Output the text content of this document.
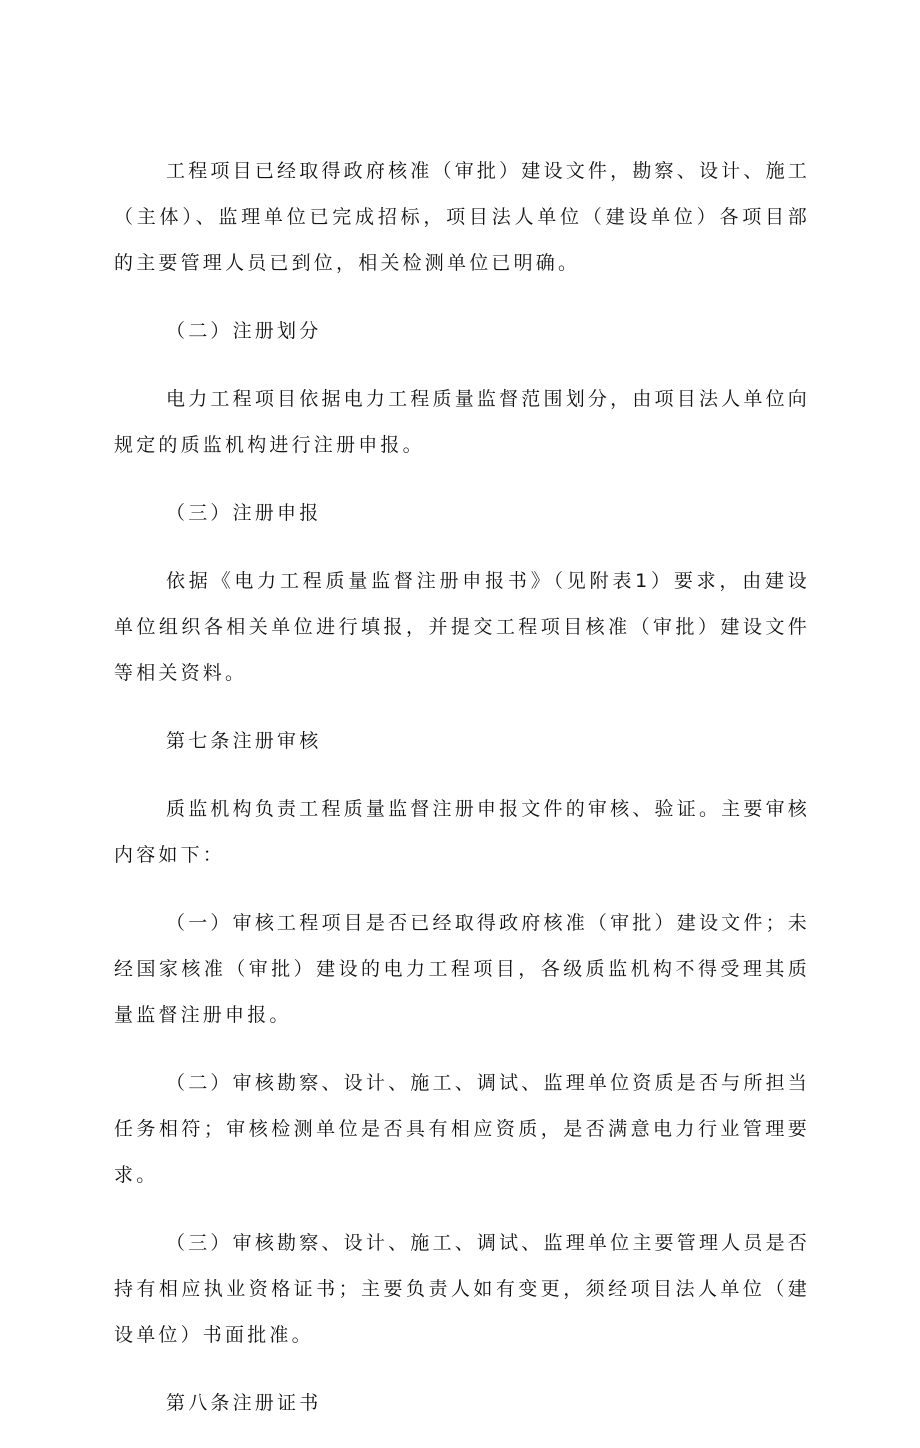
工程项目已经取得政府核准（审批）建设文件，勘察、设计、施工（主体）、监理单位已完成招标，项目法人单位（建设单位）各项目部的主要管理人员已到位，相关检测单位已明确。

（二）注册划分

电力工程项目依据电力工程质量监督范围划分，由项目法人单位向规定的质监机构进行注册申报。

（三）注册申报

依据《电力工程质量监督注册申报书》（见附表1）要求，由建设单位组织各相关单位进行填报，并提交工程项目核准（审批）建设文件等相关资料。

第七条注册审核

质监机构负责工程质量监督注册申报文件的审核、验证。主要审核内容如下：

（一）审核工程项目是否已经取得政府核准（审批）建设文件；未经国家核准（审批）建设的电力工程项目，各级质监机构不得受理其质量监督注册申报。

（二）审核勘察、设计、施工、调试、监理单位资质是否与所担当任务相符；审核检测单位是否具有相应资质，是否满意电力行业管理要求。

（三）审核勘察、设计、施工、调试、监理单位主要管理人员是否持有相应执业资格证书；主要负责人如有变更，须经项目法人单位（建设单位）书面批准。

第八条注册证书
